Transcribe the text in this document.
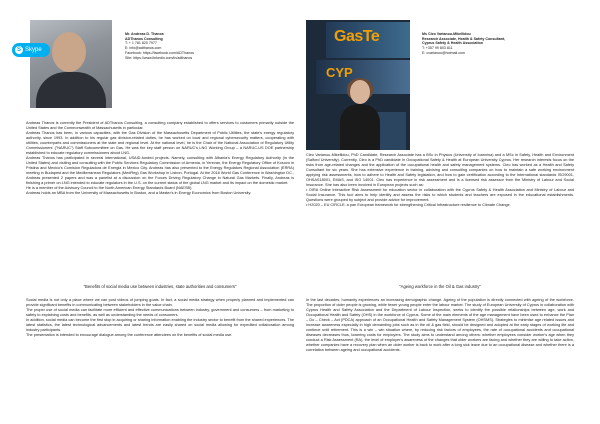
S Skype
Mr. Andreas D. Thanos
ADThanos Consulting
T: + 1 781 820 7977
E: info@adthanos.com
Facebook: https://facebook.com/ADThanos
Site: https://www.linkedin.com/in/adthanos

Andreas Thanos is currently the President of ADThanos Consulting, a consulting company established to offers services to customers primarily outside the United States and the Commonwealth of Massachusetts in particular.

Andreas Thanos has been, in various capacities, with the Gas Division of the Massachusetts Department of Public Utilities, the state's energy regulatory authority, since 1993. In addition to his regular gas division-related duties, he has worked on local and regional cybersecurity matters, cooperating with utilities, counterparts and commissioners at the state and regional level. At the national level, he is the Chair of the National Association of Regulatory Utility Commissioners' ("NARUC") Staff Subcommittee on Gas. He was the key staff person on NARUC's LNG Working Group – a NARUC-US DOE partnership established to educate regulatory commissioners about LNG.

Andreas Thanos has participated in several international, USAID-funded projects. Namely, consulting with Albania's Energy Regulatory Authority (in the United States) and visiting and consulting with the Public Services Regulatory Commission of Armenia, in Yerevan, the Energy Regulatory Office of Kosovo in Pristina and Mexico's Comision Reguladora de Energia in Mexico City. Andreas has also presented to the Energy Regulators Regional Association (ERRA) meeting in Budapest and the Mediterranean Regulators (MedReg) Gas Workshop in Lisbon, Portugal. At the 2018 World Gas Conference in Washington DC., Andreas presented 2 papers and was a panelist at a discussion on the Forces Driving Regulatory Change in Natural Gas Markets. Finally, Andreas is finishing a primer on LNG intended to educate regulators in the U.S. on the current status of the global LNG market and its impact on the domestic market.

He is a member of the Advisory Council to the North American Energy Standards Board (NAESB).

Andreas holds an MBA from the University of Massachusetts in Boston, and a Master's in Energy Economics from Boston University.

"Benefits of social media use between industries, state authorities and consumers"

Social media is not only a place where we can post videos of jumping goats. In fact, a social media strategy when properly planned and implemented can provide significant benefits in communicating between stakeholders in the value chain.

The proper use of social media can facilitate more efficient and effective communications between industry, government and consumers – from marketing to safety to explaining costs and benefits, as well as understanding the needs of consumers.

In addition, social media can become the first stop in acquiring or sharing information enabling the industry sector to benefit from the shared experiences. The latest statistics, the latest technological advancements and latest trends are easily shared on social media allowing for expedited collaboration among industry participants.

The presentation is intended to encourage dialogue among the conference attendees on the benefits of social media use.

GasTe
CYP
Ms Cleo Varianou-Mikellidou
Research Associate, Health & Safety Consultant,
Cyprus Safety & Health Association
T: +357 99 803 811
E: cvarianou@hotmail.com

Cleo Varianou-Mikellidou, PhD Candidate, Research Associate has a BSc in Physics (University of Ioannina) and a MSc in Safety, Health and Environment (Salford University). Currently, Cleo is a PhD candidate in Occupational Safety & Health at European University Cyprus. Her research interests focus on the risks from age-related changes and the application of the occupational health and safety management systems. Cleo has worked as a Health and Safety Consultant for six years. She has extensive experience in training, advising and consulting companies on how to maintain a safe working environment applying risk assessments, how to adhere to Health and Safety legislation, and how to gain certification according to the International standards ISO9001, OHSAS18001, EMAS, and ISO 14001. Cleo has experience in risk assessment and is a licensed risk assessor from the Ministry of Labour and Social Insurance. She has also been involved in European projects such as:

• OIRA Online Interactive Risk Assessment for education sector in collaboration with the Cyprus Safety & Health Association and Ministry of Labour and Social Insurance. This tool aims to help identify and assess the risks to which students and teachers are exposed in the educational establishments. Questions were grouped by subject and provide advice for improvement.

• H2020 – EU CIRCLE: a pan European framework for strengthening Critical Infrastructure resilience to Climate Change.

"Ageing workforce in the Oil & Gas industry"

In the last decades, humanity experiences an increasing demographic change. Ageing of the population is directly connected with ageing of the workforce. The proportion of older people is growing, while fewer young people enter the labour market. The study of European University of Cyprus in collaboration with Cyprus Health and Safety Association and the Department of Labour Inspection, seeks to identify the possible relationships between age, work and Occupational Health and Safety (OHS) in the workforce of Cyprus. Some of the main elements of the age management have been used to enhance the Plan – Do – Check – Act (PDCA) approach of an Occupational Health and Safety Management System (OHSMS). Strategies to minimise age related issues and increase awareness especially in high demanding jobs such as in the oil & gas field, should be designed and adopted at the early stages of working life and continue until retirement. This is a win – win situation where, by reducing risk factors of employees, the rate of occupational accidents and occupational diseases decreases thus, lowering costs for employers. The study aims to understand among others: whether employees consider worker's age when they conduct a Risk Assessment (RA), the level of employer's awareness of the changes that older workers are facing and whether they are willing to take action, whether companies have a recovery plan when an older worker is back to work after a long sick leave due to an occupational disease and whether there is a correlation between ageing and occupational accidents.
